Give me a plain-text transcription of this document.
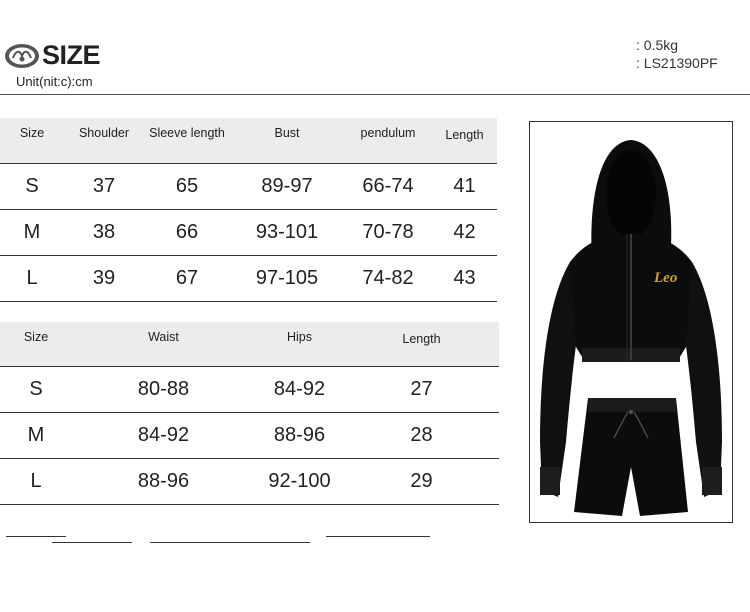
SIZE
Unit(nit:c):cm
: 0.5kg
: LS21390PF
Size	Shoulder	Sleeve length	Bust	pendulum	Length
S	37	65	89-97	66-74	41
M	38	66	93-101	70-78	42
L	39	67	97-105	74-82	43
Size	Waist	Hips	Length
S	80-88	84-92	27
M	84-92	88-96	28
L	88-96	92-100	29
Leo
